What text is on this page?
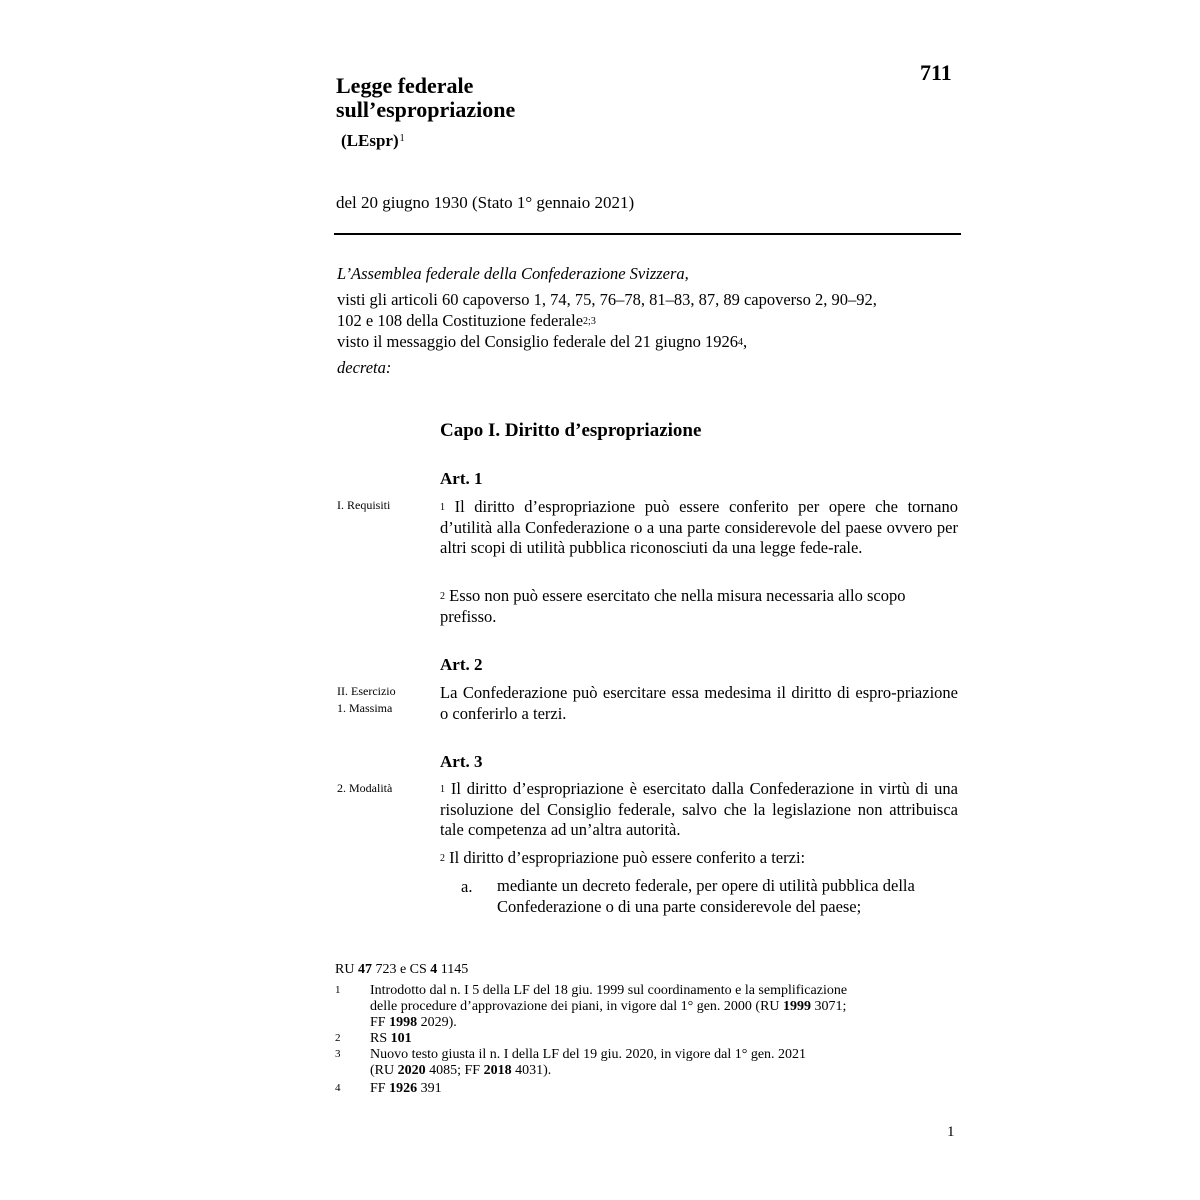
711
Legge federale
sull’espropriazione
(LEspr)$^1$
del 20 giugno 1930 (Stato 1° gennaio 2021)
L’Assemblea federale della Confederazione Svizzera,
visti gli articoli 60 capoverso 1, 74, 75, 76–78, 81–83, 87, 89 capoverso 2, 90–92,
102 e 108 della Costituzione federale$^{2;3}$
visto il messaggio del Consiglio federale del 21 giugno 1926$^4$,
decreta:
Capo I. Diritto d’espropriazione
Art. 1
I. Requisiti	$^1$ Il diritto d’espropriazione può essere conferito per opere che tornano d’utilità alla Confederazione o a una parte considerevole del paese ovvero per altri scopi di utilità pubblica riconosciuti da una legge fede-rale.
$^2$ Esso non può essere esercitato che nella misura necessaria allo scopo prefisso.
Art. 2
II. Esercizio
1. Massima
La Confederazione può esercitare essa medesima il diritto di espro-priazione o conferirlo a terzi.
Art. 3
2. Modalità	$^1$ Il diritto d’espropriazione è esercitato dalla Confederazione in virtù di una risoluzione del Consiglio federale, salvo che la legislazione non attribuisca tale competenza ad un’altra autorità.
$^2$ Il diritto d’espropriazione può essere conferito a terzi:
a. mediante un decreto federale, per opere di utilità pubblica della Confederazione o di una parte considerevole del paese;
RU 47 723 e CS 4 1145
1 Introdotto dal n. I 5 della LF del 18 giu. 1999 sul coordinamento e la semplificazione
delle procedure d’approvazione dei piani, in vigore dal 1° gen. 2000 (RU 1999 3071;
FF 1998 2029).
2 RS 101
3 Nuovo testo giusta il n. I della LF del 19 giu. 2020, in vigore dal 1° gen. 2021
(RU 2020 4085; FF 2018 4031).
4 FF 1926 391
1
